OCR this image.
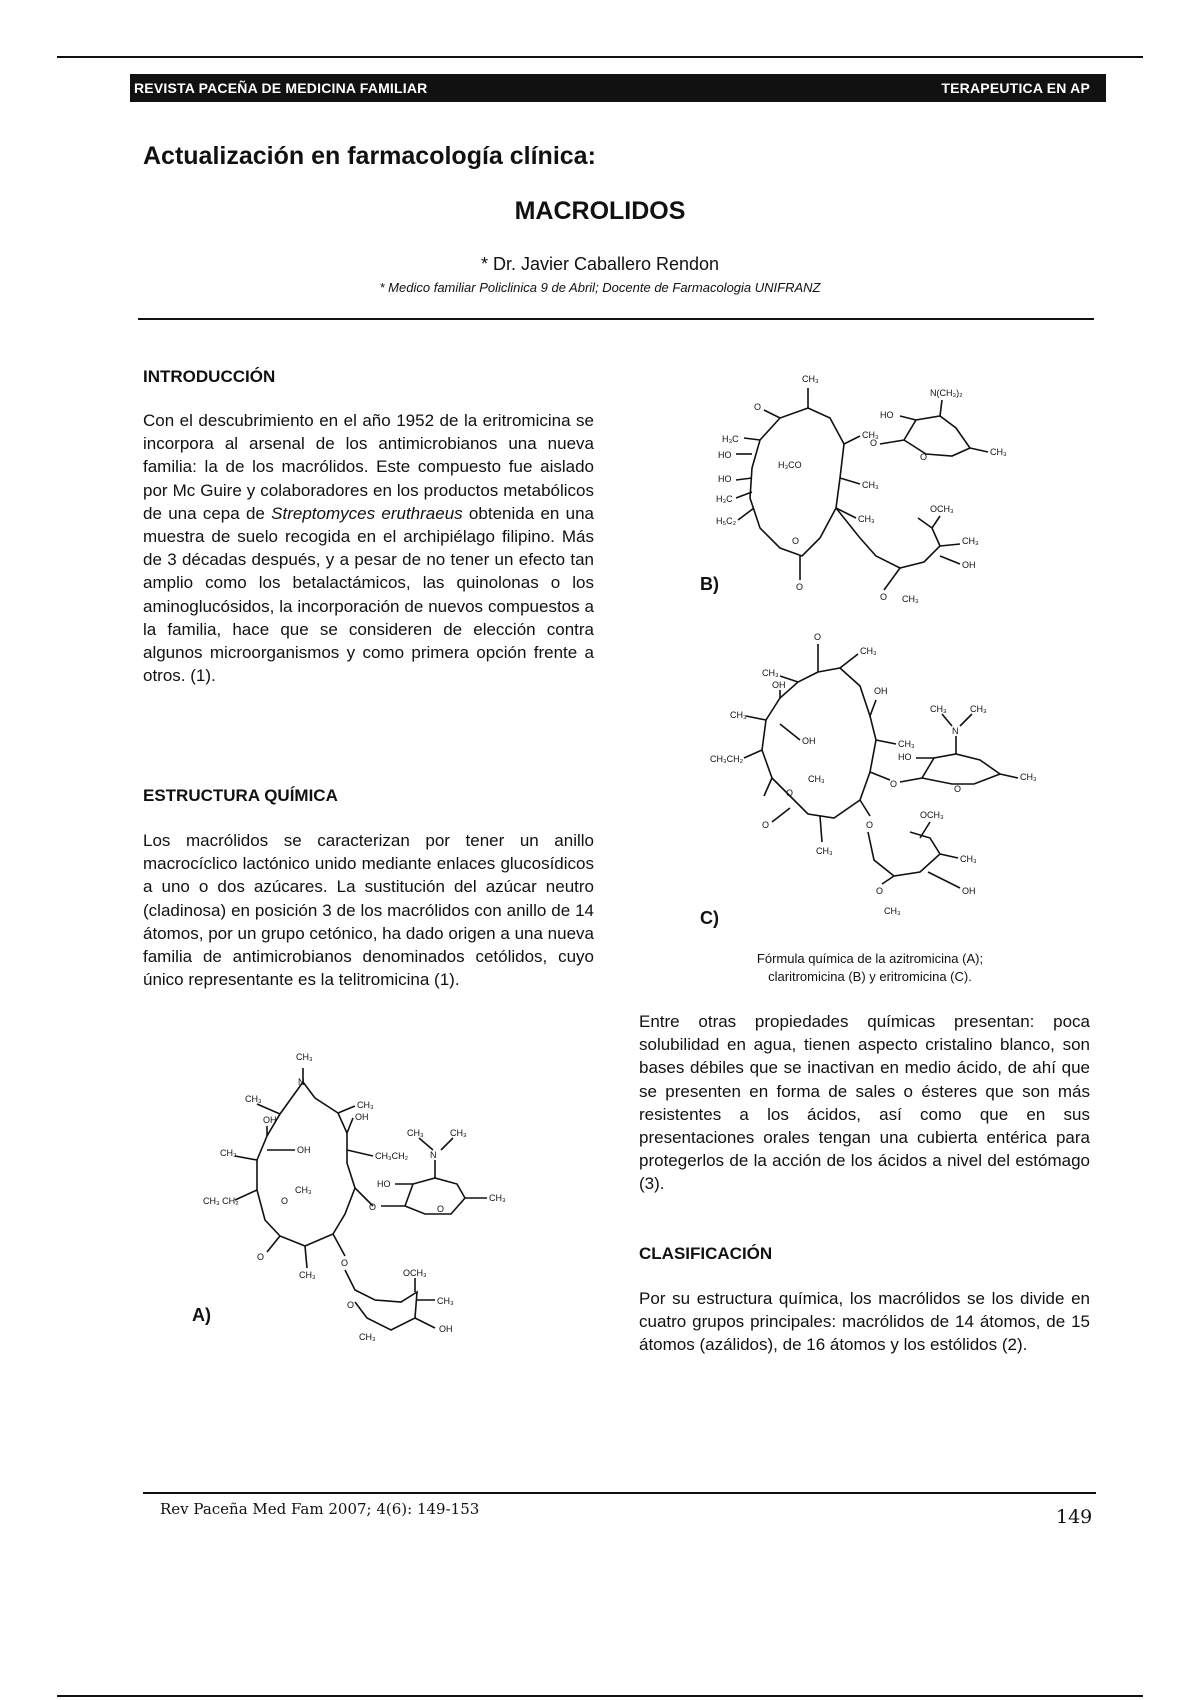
REVISTA PACEÑA DE MEDICINA FAMILIAR	TERAPEUTICA EN AP
Actualización en farmacología clínica:
MACROLIDOS
* Dr. Javier Caballero Rendon
* Medico familiar Policlinica 9 de Abril; Docente de Farmacologia UNIFRANZ
INTRODUCCIÓN
Con el descubrimiento en el año 1952 de la eritromicina se incorpora al arsenal de los antimicrobianos una nueva familia: la de los macrólidos. Este compuesto fue aislado por Mc Guire y colaboradores en los productos metabólicos de una cepa de Streptomyces eruthraeus obtenida en una muestra de suelo recogida en el archipiélago filipino. Más de 3 décadas después, y a pesar de no tener un efecto tan amplio como los betalactámicos, las quinolonas o los aminoglucósidos, la incorporación de nuevos compuestos a la familia, hace que se consideren de elección contra algunos microorganismos y como primera opción frente a otros. (1).
ESTRUCTURA QUÍMICA
Los macrólidos se caracterizan por tener un anillo macrocíclico lactónico unido mediante enlaces glucosídicos a uno o dos azúcares. La sustitución del azúcar neutro (cladinosa) en posición 3 de los macrólidos con anillo de 14 átomos, por un grupo cetónico, ha dado origen a una nueva familia de antimicrobianos denominados cetólidos, cuyo único representante es la telitromicina (1).
CH₃
N
CH₃
CH₃
OH
OH
CH₃
OH
CH₃CH₂
CH₃ CH₂	O
O
CH₃
CH₃
O	O
CH₃
HO
N
CH₃	CH₃
O
O
OCH₃
CH₃
OH
CH₃
A)
CH₃
O
H₃C
HO
HO
H₃C
H₅C₂
H₃CO
CH₃
CH₃
O
CH₃
O
O
O
HO
N(CH₃)₂
CH₃
O
OCH₃
CH₃
OH
CH₃
B)
O
CH₃
CH₃
OH
CH₃
OH
CH₃CH₂
OH
CH₃
CH₃
O
O
CH₃
O	O
CH₃
HO
N
CH₃	CH₃
O
O
OCH₃
CH₃
OH
CH₃
C)
Fórmula química de la azitromicina (A);
claritromicina (B) y eritromicina (C).
Entre otras propiedades químicas presentan: poca solubilidad en agua, tienen aspecto cristalino blanco, son bases débiles que se inactivan en medio ácido, de ahí que se presenten en forma de sales o ésteres que son más resistentes a los ácidos, así como que en sus presentaciones orales tengan una cubierta entérica para protegerlos de la acción de los ácidos a nivel del estómago (3).
CLASIFICACIÓN
Por su estructura química, los macrólidos se los divide en cuatro grupos principales: macrólidos de 14 átomos, de 15 átomos (azálidos), de 16 átomos y los estólidos (2).
Rev Paceña Med Fam 2007; 4(6): 149-153	149
